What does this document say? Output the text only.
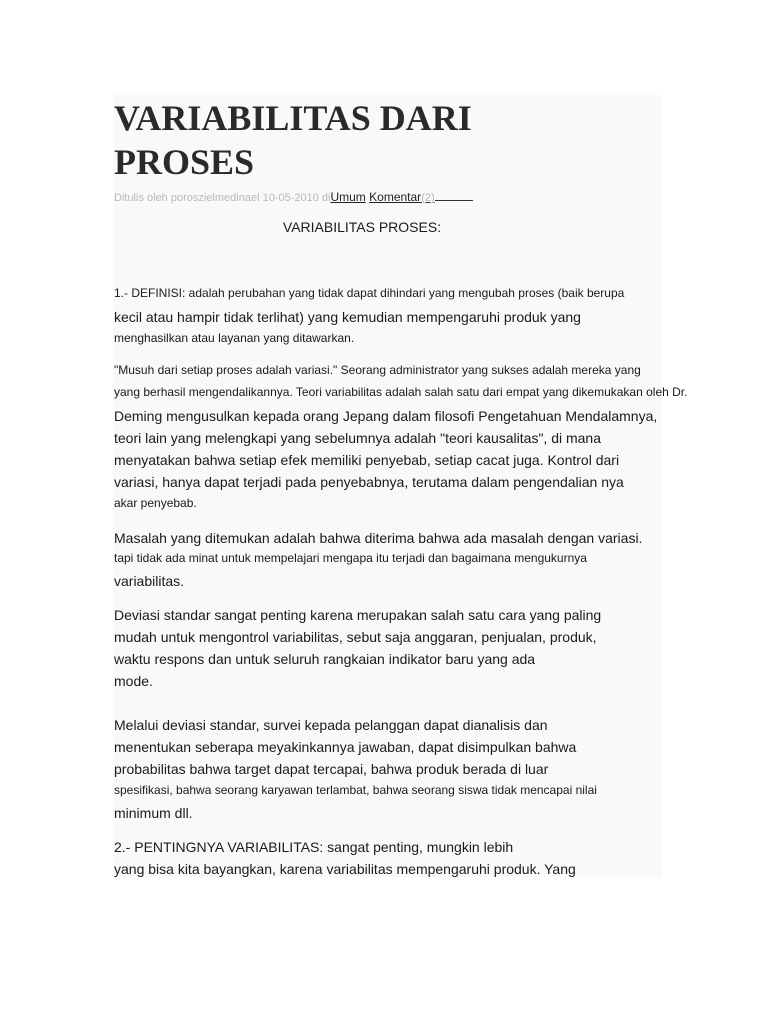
VARIABILITAS DARI
PROSES
Ditulis oleh poroszielmedinael 10-05-2010 diUmum Komentar(2)
VARIABILITAS PROSES:
1.- DEFINISI: adalah perubahan yang tidak dapat dihindari yang mengubah proses (baik berupa
kecil atau hampir tidak terlihat) yang kemudian mempengaruhi produk yang
menghasilkan atau layanan yang ditawarkan.
"Musuh dari setiap proses adalah variasi." Seorang administrator yang sukses adalah mereka yang
yang berhasil mengendalikannya. Teori variabilitas adalah salah satu dari empat yang dikemukakan oleh Dr.
Deming mengusulkan kepada orang Jepang dalam filosofi Pengetahuan Mendalamnya,
teori lain yang melengkapi yang sebelumnya adalah "teori kausalitas", di mana
menyatakan bahwa setiap efek memiliki penyebab, setiap cacat juga. Kontrol dari
variasi, hanya dapat terjadi pada penyebabnya, terutama dalam pengendalian nya
akar penyebab.
Masalah yang ditemukan adalah bahwa diterima bahwa ada masalah dengan variasi.
tapi tidak ada minat untuk mempelajari mengapa itu terjadi dan bagaimana mengukurnya
variabilitas.
Deviasi standar sangat penting karena merupakan salah satu cara yang paling
mudah untuk mengontrol variabilitas, sebut saja anggaran, penjualan, produk,
waktu respons dan untuk seluruh rangkaian indikator baru yang ada
mode.
Melalui deviasi standar, survei kepada pelanggan dapat dianalisis dan
menentukan seberapa meyakinkannya jawaban, dapat disimpulkan bahwa
probabilitas bahwa target dapat tercapai, bahwa produk berada di luar
spesifikasi, bahwa seorang karyawan terlambat, bahwa seorang siswa tidak mencapai nilai
minimum dll.
2.- PENTINGNYA VARIABILITAS: sangat penting, mungkin lebih
yang bisa kita bayangkan, karena variabilitas mempengaruhi produk. Yang
